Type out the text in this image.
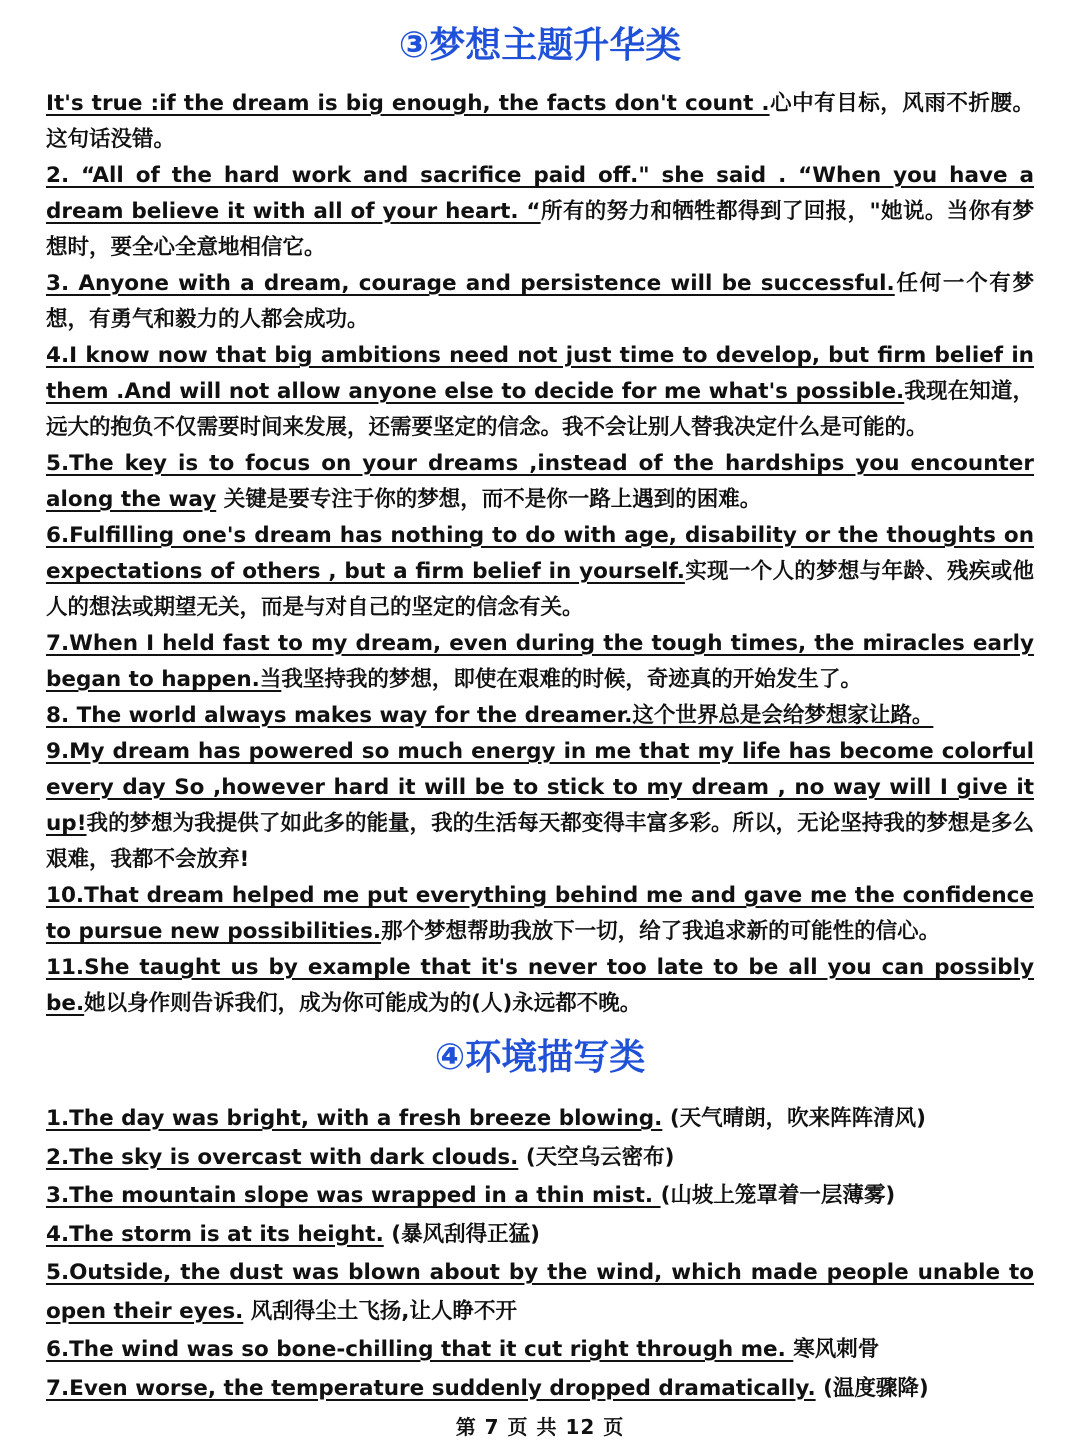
③梦想主题升华类

It's true :if the dream is big enough, the facts don't count .心中有目标，风雨不折腰。这句话没错。

2. “All of the hard work and sacrifice paid off." she said . “When you have a dream believe it with all of your heart. “所有的努力和牺牲都得到了回报，"她说。当你有梦想时，要全心全意地相信它。

3. Anyone with a dream, courage and persistence will be successful.任何一个有梦想，有勇气和毅力的人都会成功。

4.I know now that big ambitions need not just time to develop, but firm belief in them .And will not allow anyone else to decide for me what's possible.我现在知道，远大的抱负不仅需要时间来发展，还需要坚定的信念。我不会让别人替我决定什么是可能的。

5.The key is to focus on your dreams ,instead of the hardships you encounter along the way 关键是要专注于你的梦想，而不是你一路上遇到的困难。

6.Fulfilling one's dream has nothing to do with age, disability or the thoughts on expectations of others , but a firm belief in yourself.实现一个人的梦想与年龄、残疾或他人的想法或期望无关，而是与对自己的坚定的信念有关。

7.When I held fast to my dream, even during the tough times, the miracles early began to happen.当我坚持我的梦想，即使在艰难的时候，奇迹真的开始发生了。

8. The world always makes way for the dreamer.这个世界总是会给梦想家让路。

9.My dream has powered so much energy in me that my life has become colorful every day So ,however hard it will be to stick to my dream , no way will I give it up!我的梦想为我提供了如此多的能量，我的生活每天都变得丰富多彩。所以，无论坚持我的梦想是多么艰难，我都不会放弃!

10.That dream helped me put everything behind me and gave me the confidence to pursue new possibilities.那个梦想帮助我放下一切，给了我追求新的可能性的信心。

11.She taught us by example that it's never too late to be all you can possibly be.她以身作则告诉我们，成为你可能成为的(人)永远都不晚。

④环境描写类

1.The day was bright, with a fresh breeze blowing. (天气晴朗，吹来阵阵清风)

2.The sky is overcast with dark clouds. (天空乌云密布)

3.The mountain slope was wrapped in a thin mist. (山坡上笼罩着一层薄雾)

4.The storm is at its height. (暴风刮得正猛)

5.Outside, the dust was blown about by the wind, which made people unable to open their eyes. 风刮得尘土飞扬,让人睁不开

6.The wind was so bone-chilling that it cut right through me. 寒风刺骨

7.Even worse, the temperature suddenly dropped dramatically. (温度骤降)

第 7 页 共 12 页
